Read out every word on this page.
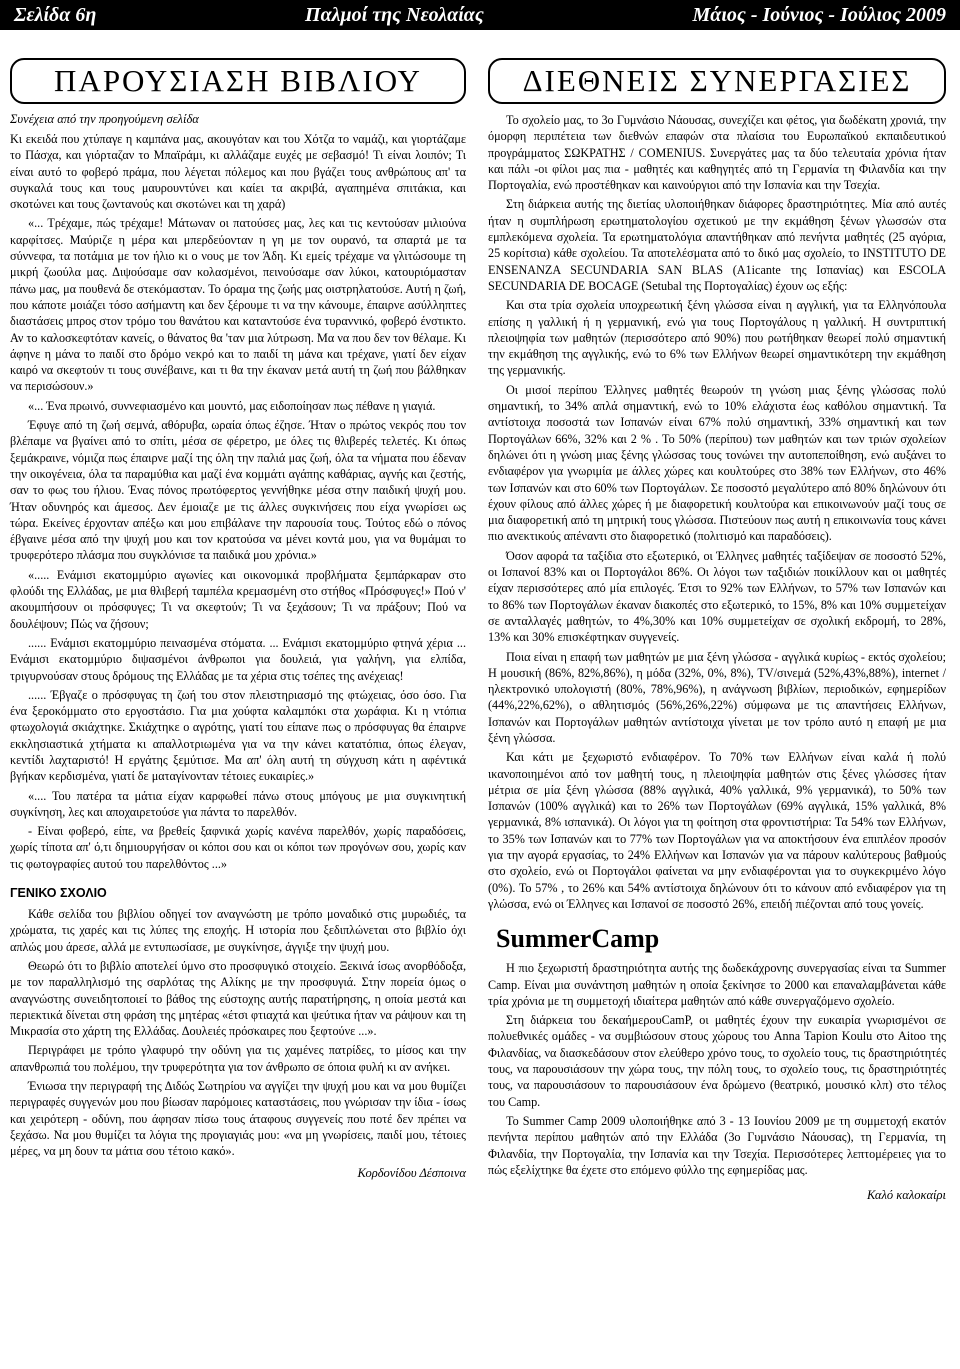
Σελίδα 6η	Παλμοί της Νεολαίας	Μάιος - Ιούνιος - Ιούλιος 2009
ΠΑΡΟΥΣΙΑΣΗ ΒΙΒΛΙΟΥ
Συνέχεια από την προηγούμενη σελίδα

Κι εκειδά που χτύπαγε η καμπάνα μας, ακουγόταν και του Χότζα το ναμάζι, και γιορτάζαμε το Πάσχα, και γιόρταζαν το Μπαϊράμι, κι αλλάζαμε ευχές με σεβασμό! Τι είναι λοιπόν; Τι είναι αυτό το φοβερό πράμα, που λέγεται πόλεμος και που βγάζει τους ανθρώπους απ' τα συγκαλά τους και τους μαυρουντύνει και καίει τα ακριβά, αγαπημένα σπιτάκια, και σκοτώνει και τους ζωντανούς και σκοτώνει και τη χαρά)

«... Τρέχαμε, πώς τρέχαμε! Μάτωναν οι πατούσες μας, λες και τις κεντούσαν μιλιούνα καρφίτσες. Μαύριζε η μέρα και μπερδεύονταν η γη με τον ουρανό, τα σπαρτά με τα σύννεφα, τα ποτάμια με τον ήλιο κι ο νους με τον Άδη. Κι εμείς τρέχαμε να γλιτώσουμε τη μικρή ζωούλα μας. Διψούσαμε σαν κολασμένοι, πεινούσαμε σαν λύκοι, κατουριόμασταν πάνω μας, μα πουθενά δε στεκόμασταν. Το όραμα της ζωής μας οιστρηλατούσε. Αυτή η ζωή, που κάποτε μοιάζει τόσο ασήμαντη και δεν ξέρουμε τι να την κάνουμε, έπαιρνε ασύλληπτες διαστάσεις μπρος στον τρόμο του θανάτου και καταντούσε ένα τυραννικό, φοβερό ένστικτο. Αν το καλοσκεφτόταν κανείς, ο θάνατος θα 'ταν μια λύτρωση. Μα να που δεν τον θέλαμε. Κι άφηνε η μάνα το παιδί στο δρόμο νεκρό και το παιδί τη μάνα και τρέχανε, γιατί δεν είχαν καιρό να σκεφτούν τι τους συνέβαινε, και τι θα την έκαναν μετά αυτή τη ζωή που βάλθηκαν να περισώσουν.»

«... Ένα πρωινό, συννεφιασμένο και μουντό, μας ειδοποίησαν πως πέθανε η γιαγιά.

Έφυγε από τη ζωή σεμνά, αθόρυβα, ωραία όπως έζησε. Ήταν ο πρώτος νεκρός που τον βλέπαμε να βγαίνει από το σπίτι, μέσα σε φέρετρο, με όλες τις θλιβερές τελετές. Κι όπως ξεμάκραινε, νόμιζα πως έπαιρνε μαζί της όλη την παλιά μας ζωή, όλα τα νήματα που έδεναν την οικογένεια, όλα τα παραμύθια και μαζί ένα κομμάτι αγάπης καθάριας, αγνής και ζεστής, σαν το φως του ήλιου. Ένας πόνος πρωτόφερτος γεννήθηκε μέσα στην παιδική ψυχή μου. Ήταν οδυνηρός και άμεσος. Δεν έμοιαζε με τις άλλες συγκινήσεις που είχα γνωρίσει ως τώρα. Εκείνες έρχονταν απέξω και μου επιβάλανε την παρουσία τους. Τούτος εδώ ο πόνος έβγαινε μέσα από την ψυχή μου και τον κρατούσα να μένει κοντά μου, για να θυμάμαι το τρυφερότερο πλάσμα που συγκλόνισε τα παιδικά μου χρόνια.»

«..... Ενάμισι εκατομμύριο αγωνίες και οικονομικά προβλήματα ξεμπάρκαραν στο φλούδι της Ελλάδας, με μια θλιβερή ταμπέλα κρεμασμένη στο στήθος «Πρόσφυγες!» Πού ν' ακουμπήσουν οι πρόσφυγες; Τι να σκεφτούν; Τι να ξεχάσουν; Τι να πράξουν; Πού να δουλέψουν; Πώς να ζήσουν;

...... Ενάμισι εκατομμύριο πεινασμένα στόματα. ... Ενάμισι εκατομμύριο φτηνά χέρια ... Ενάμισι εκατομμύριο διψασμένοι άνθρωποι για δουλειά, για γαλήνη, για ελπίδα, τριγυρνούσαν στους δρόμους της Ελλάδας με τα χέρια στις τσέπες της ανέχειας!

...... Έβγαζε ο πρόσφυγας τη ζωή του στον πλειστηριασμό της φτώχειας, όσο όσο. Για ένα ξεροκόμματο στο εργοστάσιο. Για μια χούφτα καλαμπόκι στα χωράφια. Κι η ντόπια φτωχολογιά σκιάχτηκε. Σκιάχτηκε ο αγρότης, γιατί του είπανε πως ο πρόσφυγας θα έπαιρνε εκκλησιαστικά χτήματα κι απαλλοτριωμένα για να την κάνει κατατόπια, όπως έλεγαν, κεντίδι λαχταριστό! Η εργάτης ξεμύτισε. Μα απ' όλη αυτή τη σύγχυση κάτι η αφέντικά βγήκαν κερδισμένα, γιατί δε ματαγίνονταν τέτοιες ευκαιρίες.»

«.... Του πατέρα τα μάτια είχαν καρφωθεί πάνω στους μπόγους με μια συγκινητική συγκίνηση, λες και αποχαιρετούσε για πάντα το παρελθόν.

- Είναι φοβερό, είπε, να βρεθείς ξαφνικά χωρίς κανένα παρελθόν, χωρίς παραδόσεις, χωρίς τίποτα απ' ό,τι δημιουργήσαν οι κόποι σου και οι κόποι των προγόνων σου, χωρίς καν τις φωτογραφίες αυτού του παρελθόντος ...»

ΓΕΝΙΚΟ ΣΧΟΛΙΟ

Κάθε σελίδα του βιβλίου οδηγεί τον αναγνώστη με τρόπο μοναδικό στις μυρωδιές, τα χρώματα, τις χαρές και τις λύπες της εποχής. Η ιστορία που ξεδιπλώνεται στο βιβλίο όχι απλώς μου άρεσε, αλλά με εντυπωσίασε, με συγκίνησε, άγγιξε την ψυχή μου.

Θεωρώ ότι το βιβλίο αποτελεί ύμνο στο προσφυγικό στοιχείο. Ξεκινά ίσως ανορθόδοξα, με τον παραλληλισμό της σαρλότας της Αλίκης με την προσφυγιά. Στην πορεία όμως ο αναγνώστης συνειδητοποιεί το βάθος της εύστοχης αυτής παρατήρησης, η οποία μεστά και περιεκτικά δίνεται στη φράση της μητέρας «έτσι φτιαχτά και ψεύτικα ήταν να ράψουν και τη Μικρασία στο χάρτη της Ελλάδας. Δουλειές πρόσκαιρες που ξεφτούνε ...».

Περιγράφει με τρόπο γλαφυρό την οδύνη για τις χαμένες πατρίδες, το μίσος και την απανθρωπιά του πολέμου, την τρυφερότητα για τον άνθρωπο σε όποια φυλή κι αν ανήκει.

Ένιωσα την περιγραφή της Διδώς Σωτηρίου να αγγίζει την ψυχή μου και να μου θυμίζει περιγραφές συγγενών μου που βίωσαν παρόμοιες καταστάσεις, που γνώρισαν την ίδια - ίσως και χειρότερη - οδύνη, που άφησαν πίσω τους άταφους συγγενείς που ποτέ δεν πρέπει να ξεχάσω. Να μου θυμίζει τα λόγια της προγιαγιάς μου: «να μη γνωρίσεις, παιδί μου, τέτοιες μέρες, να μη δουν τα μάτια σου τέτοιο κακό».

Κορδονίδου Δέσποινα
ΔΙΕΘΝΕΙΣ ΣΥΝΕΡΓΑΣΙΕΣ

Το σχολείο μας, το 3ο Γυμνάσιο Νάουσας, συνεχίζει και φέτος, για δωδέκατη χρονιά, την όμορφη περιπέτεια των διεθνών επαφών στα πλαίσια του Ευρωπαϊκού εκπαιδευτικού προγράμματος ΣΩΚΡΑΤΗΣ / COMENIUS. Συνεργάτες μας τα δύο τελευταία χρόνια ήταν και πάλι -οι φίλοι μας πια - μαθητές και καθηγητές από τη Γερμανία τη Φιλανδία και την Πορτογαλία, ενώ προστέθηκαν και καινούργιοι από την Ισπανία και την Τσεχία.

Στη διάρκεια αυτής της διετίας υλοποιήθηκαν διάφορες δραστηριότητες. Μία από αυτές ήταν η συμπλήρωση ερωτηματολογίου σχετικού με την εκμάθηση ξένων γλωσσών στα εμπλεκόμενα σχολεία. Τα ερωτηματολόγια απαντήθηκαν από πενήντα μαθητές (25 αγόρια, 25 κορίτσια) κάθε σχολείου. Τα αποτελέσματα από το δικό μας σχολείο, το INSTITUTO DE ENSENANZA SECUNDARIA SAN BLAS (A1icante της Ισπανίας) και ESCOLA SECUNDARIA DE BOCAGE (Setubal της Πορτογαλίας) έχουν ως εξής:

Και στα τρία σχολεία υποχρεωτική ξένη γλώσσα είναι η αγγλική, για τα Ελληνόπουλα επίσης η γαλλική ή η γερμανική, ενώ για τους Πορτογάλους η γαλλική. Η συντριπτική πλειοψηφία των μαθητών (περισσότερο από 90%) που ρωτήθηκαν θεωρεί πολύ σημαντική την εκμάθηση της αγγλικής, ενώ το 6% των Ελλήνων θεωρεί σημαντικότερη την εκμάθηση της γερμανικής.

Οι μισοί περίπου Έλληνες μαθητές θεωρούν τη γνώση μιας ξένης γλώσσας πολύ σημαντική, το 34% απλά σημαντική, ενώ το 10% ελάχιστα έως καθόλου σημαντική. Τα αντίστοιχα ποσοστά των Ισπανών είναι 67% πολύ σημαντική, 33% σημαντική και των Πορτογάλων 66%, 32% και 2 % . Το 50% (περίπου) των μαθητών και των τριών σχολείων δηλώνει ότι η γνώση μιας ξένης γλώσσας τους τονώνει την αυτοπεποίθηση, ενώ αυξάνει το ενδιαφέρον για γνωριμία με άλλες χώρες και κουλτούρες στο 38% των Ελλήνων, στο 46% των Ισπανών και στο 60% των Πορτογάλων. Σε ποσοστό μεγαλύτερο από 80% δηλώνουν ότι έχουν φίλους από άλλες χώρες ή με διαφορετική κουλτούρα και επικοινωνούν μαζί τους σε μια διαφορετική από τη μητρική τους γλώσσα. Πιστεύουν πως αυτή η επικοινωνία τους κάνει πιο ανεκτικούς απέναντι στο διαφορετικό (πολιτισμό και παραδόσεις).

Όσον αφορά τα ταξίδια στο εξωτερικό, οι Έλληνες μαθητές ταξίδεψαν σε ποσοστό 52%, οι Ισπανοί 83% και οι Πορτογάλοι 86%. Οι λόγοι των ταξιδιών ποικίλλουν και οι μαθητές είχαν περισσότερες από μία επιλογές. Έτσι το 92% των Ελλήνων, το 57% των Ισπανών και το 86% των Πορτογάλων έκαναν διακοπές στο εξωτερικό, το 15%, 8% και 10% συμμετείχαν σε ανταλλαγές μαθητών, το 4%,30% και 10% συμμετείχαν σε σχολική εκδρομή, το 28%, 13% και 30% επισκέφτηκαν συγγενείς.

Ποια είναι η επαφή των μαθητών με μια ξένη γλώσσα - αγγλικά κυρίως - εκτός σχολείου; Η μουσική (86%, 82%,86%), η μόδα (32%, 0%, 8%), TV/σινεμά (52%,43%,88%), internet / ηλεκτρονικό υπολογιστή (80%, 78%,96%), η ανάγνωση βιβλίων, περιοδικών, εφημερίδων (44%,22%,62%), ο αθλητισμός (56%,26%,22%) σύμφωνα με τις απαντήσεις Ελλήνων, Ισπανών και Πορτογάλων μαθητών αντίστοιχα γίνεται με τον τρόπο αυτό η επαφή με μια ξένη γλώσσα.

Και κάτι με ξεχωριστό ενδιαφέρον. Το 70% των Ελλήνων είναι καλά ή πολύ ικανοποιημένοι από τον μαθητή τους, η πλειοψηφία μαθητών στις ξένες γλώσσες ήταν μέτρια σε μία ξένη γλώσσα (88% αγγλικά, 40% γαλλικά, 9% γερμανικά), το 50% των Ισπανών (100% αγγλικά) και το 26% των Πορτογάλων (69% αγγλικά, 15% γαλλικά, 8% γερμανικά, 8% ισπανικά). Οι λόγοι για τη φοίτηση στα φροντιστήρια: Τα 54% των Ελλήνων, το 35% των Ισπανών και το 77% των Πορτογάλων για να αποκτήσουν ένα επιπλέον προσόν για την αγορά εργασίας, το 24% Ελλήνων και Ισπανών για να πάρουν καλύτερους βαθμούς στο σχολείο, ενώ οι Πορτογάλοι φαίνεται να μην ενδιαφέρονται για το συγκεκριμένο λόγο (0%). Το 57% , το 26% και 54% αντίστοιχα δηλώνουν ότι το κάνουν από ενδιαφέρον για τη γλώσσα, ενώ οι Έλληνες και Ισπανοί σε ποσοστό 26%, επειδή πιέζονται από τους γονείς.

SummerCamp

Η πιο ξεχωριστή δραστηριότητα αυτής της δωδεκάχρονης συνεργασίας είναι τα Summer Camp. Είναι μια συνάντηση μαθητών η οποία ξεκίνησε το 2000 και επαναλαμβάνεται κάθε τρία χρόνια με τη συμμετοχή ιδιαίτερα μαθητών από κάθε συνεργαζόμενο σχολείο.

Στη διάρκεια του δεκαήμερουCamP, οι μαθητές έχουν την ευκαιρία γνωρισμένοι σε πολυεθνικές ομάδες - να συμβιώσουν στους χώρους του Anna Tapion Koulu στο Aitoo της Φιλανδίας, να διασκεδάσουν στον ελεύθερο χρόνο τους, το σχολείο τους, τις δραστηριότητές τους, να παρουσιάσουν την χώρα τους, την πόλη τους, το σχολείο τους, τις δραστηριότητές τους, να παρουσιάσουν το παρουσιάσουν ένα δρώμενο (θεατρικό, μουσικό κλπ) στο τέλος του Camp.

Το Summer Camp 2009 υλοποιήθηκε από 3 - 13 Ιουνίου 2009 με τη συμμετοχή εκατόν πενήντα περίπου μαθητών από την Ελλάδα (3ο Γυμνάσιο Νάουσας), τη Γερμανία, τη Φιλανδία, την Πορτογαλία, την Ισπανία και την Τσεχία. Περισσότερες λεπτομέρειες για το πώς εξελίχτηκε θα έχετε στο επόμενο φύλλο της εφημερίδας μας.

Καλό καλοκαίρι
